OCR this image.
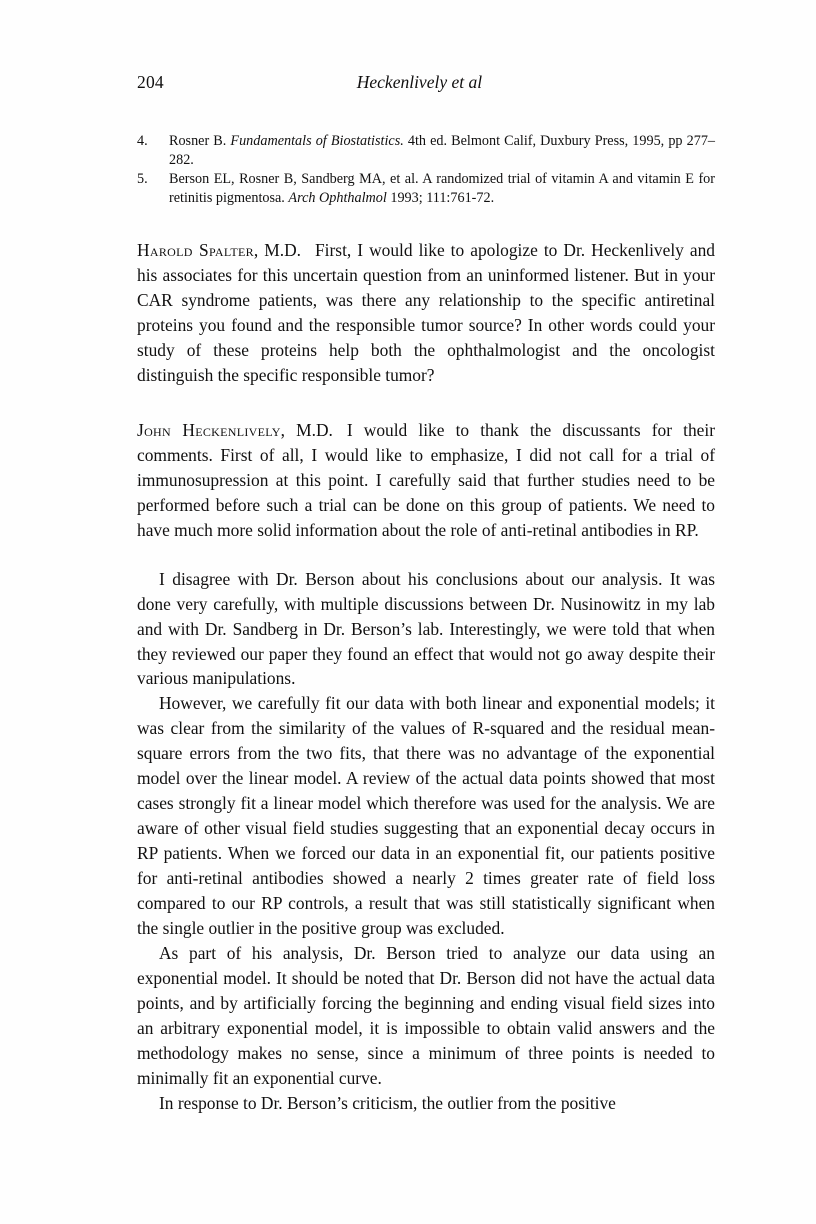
204	Heckenlively et al
4.	Rosner B. Fundamentals of Biostatistics. 4th ed. Belmont Calif, Duxbury Press, 1995, pp 277–282.
5.	Berson EL, Rosner B, Sandberg MA, et al. A randomized trial of vitamin A and vitamin E for retinitis pigmentosa. Arch Ophthalmol 1993; 111:761-72.
Harold Spalter, M.D. First, I would like to apologize to Dr. Heckenlively and his associates for this uncertain question from an uninformed listener. But in your CAR syndrome patients, was there any relationship to the specific antiretinal proteins you found and the responsible tumor source? In other words could your study of these proteins help both the ophthalmologist and the oncologist distinguish the specific responsible tumor?
John Heckenlively, M.D. I would like to thank the discussants for their comments. First of all, I would like to emphasize, I did not call for a trial of immunosupression at this point. I carefully said that further studies need to be performed before such a trial can be done on this group of patients. We need to have much more solid information about the role of anti-retinal antibodies in RP.

I disagree with Dr. Berson about his conclusions about our analysis. It was done very carefully, with multiple discussions between Dr. Nusinowitz in my lab and with Dr. Sandberg in Dr. Berson’s lab. Interestingly, we were told that when they reviewed our paper they found an effect that would not go away despite their various manipulations.

However, we carefully fit our data with both linear and exponential models; it was clear from the similarity of the values of R-squared and the residual mean-square errors from the two fits, that there was no advantage of the exponential model over the linear model. A review of the actual data points showed that most cases strongly fit a linear model which therefore was used for the analysis. We are aware of other visual field studies suggesting that an exponential decay occurs in RP patients. When we forced our data in an exponential fit, our patients positive for anti-retinal antibodies showed a nearly 2 times greater rate of field loss compared to our RP controls, a result that was still statistically significant when the single outlier in the positive group was excluded.

As part of his analysis, Dr. Berson tried to analyze our data using an exponential model. It should be noted that Dr. Berson did not have the actual data points, and by artificially forcing the beginning and ending visual field sizes into an arbitrary exponential model, it is impossible to obtain valid answers and the methodology makes no sense, since a minimum of three points is needed to minimally fit an exponential curve.

In response to Dr. Berson’s criticism, the outlier from the positive
